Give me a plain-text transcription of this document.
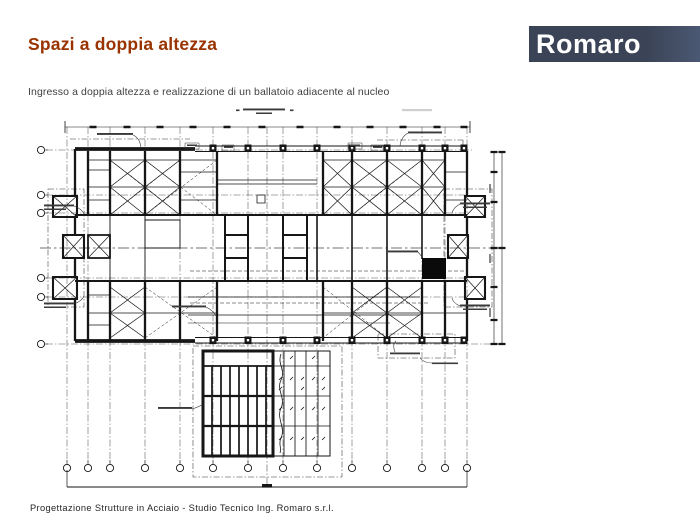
Spazi a doppia altezza	Romaro
Ingresso a doppia altezza e realizzazione di un ballatoio adiacente al nucleo
Progettazione Strutture in Acciaio - Studio Tecnico Ing. Romaro s.r.l.
